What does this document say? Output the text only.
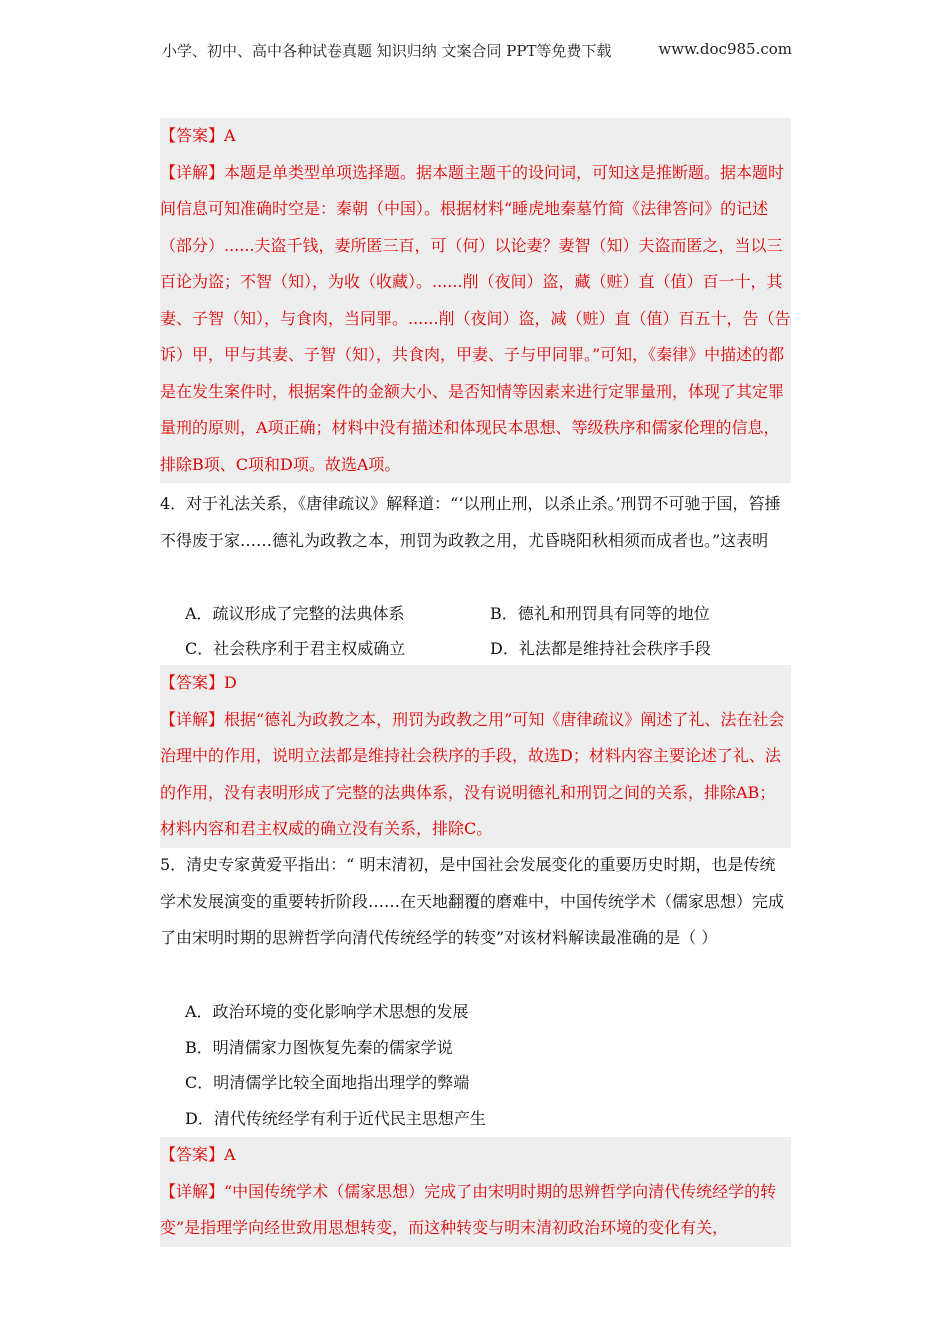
小学、初中、高中各种试卷真题 知识归纳 文案合同 PPT等免费下载	www.doc985.com

【答案】A

【详解】本题是单类型单项选择题。据本题主题干的设问词，可知这是推断题。据本题时间信息可知准确时空是：秦朝（中国）。根据材料“睡虎地秦墓竹简《法律答问》的记述（部分）......夫盗千钱，妻所匿三百，可（何）以论妻？妻智（知）夫盗而匿之，当以三百论为盗；不智（知），为收（收藏）。......削（夜间）盗，藏（赃）直（值）百一十，其妻、子智（知），与食肉，当同罪。......削（夜间）盗，减（赃）直（值）百五十，告（告诉）甲，甲与其妻、子智（知），共食肉，甲妻、子与甲同罪。”可知，《秦律》中描述的都是在发生案件时，根据案件的金额大小、是否知情等因素来进行定罪量刑，体现了其定罪量刑的原则，A项正确；材料中没有描述和体现民本思想、等级秩序和儒家伦理的信息，排除B项、C项和D项。故选A项。

4．对于礼法关系，《唐律疏议》解释道：“‘以刑止刑，以杀止杀。’刑罚不可驰于国，笞捶不得废于家……德礼为政教之本，刑罚为政教之用，尤昏晓阳秋相须而成者也。”这表明

A．疏议形成了完整的法典体系	B．德礼和刑罚具有同等的地位
C．社会秩序利于君主权威确立	D．礼法都是维持社会秩序手段

【答案】D

【详解】根据“德礼为政教之本，刑罚为政教之用”可知《唐律疏议》阐述了礼、法在社会治理中的作用，说明立法都是维持社会秩序的手段，故选D；材料内容主要论述了礼、法的作用，没有表明形成了完整的法典体系，没有说明德礼和刑罚之间的关系，排除AB；材料内容和君主权威的确立没有关系，排除C。

5．清史专家黄爱平指出：“ 明末清初，是中国社会发展变化的重要历史时期，也是传统学术发展演变的重要转折阶段……在天地翻覆的磨难中，中国传统学术（儒家思想）完成了由宋明时期的思辨哲学向清代传统经学的转变”对该材料解读最准确的是（ ）

A．政治环境的变化影响学术思想的发展
B．明清儒家力图恢复先秦的儒家学说
C．明清儒学比较全面地指出理学的弊端
D．清代传统经学有利于近代民主思想产生

【答案】A

【详解】“中国传统学术（儒家思想）完成了由宋明时期的思辨哲学向清代传统经学的转变”是指理学向经世致用思想转变，而这种转变与明末清初政治环境的变化有关，
